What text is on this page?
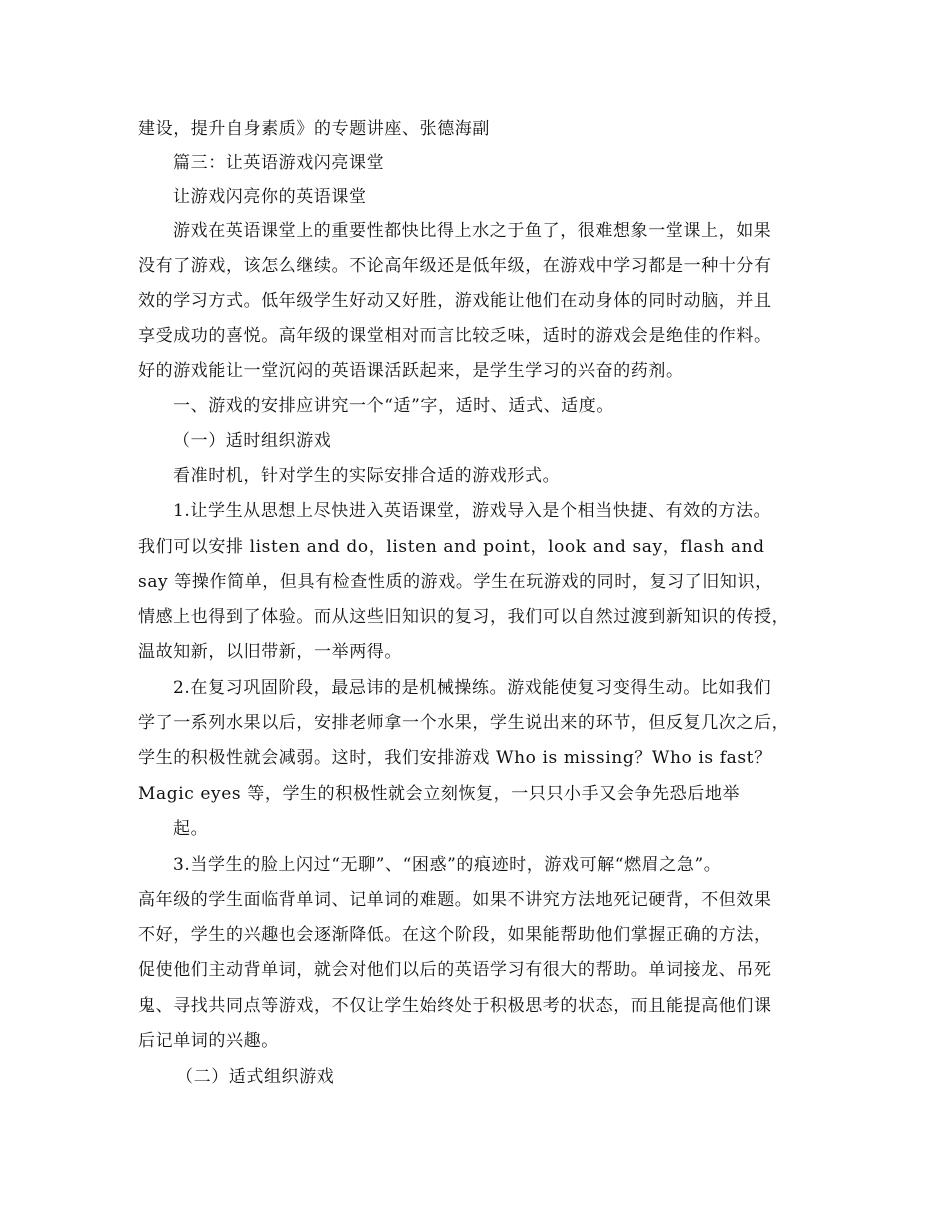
建设，提升自身素质》的专题讲座、张德海副
篇三：让英语游戏闪亮课堂
让游戏闪亮你的英语课堂
游戏在英语课堂上的重要性都快比得上水之于鱼了，很难想象一堂课上，如果
没有了游戏，该怎么继续。不论高年级还是低年级，在游戏中学习都是一种十分有
效的学习方式。低年级学生好动又好胜，游戏能让他们在动身体的同时动脑，并且
享受成功的喜悦。高年级的课堂相对而言比较乏味，适时的游戏会是绝佳的作料。
好的游戏能让一堂沉闷的英语课活跃起来，是学生学习的兴奋的药剂。
一、游戏的安排应讲究一个“适”字，适时、适式、适度。
（一）适时组织游戏
看准时机，针对学生的实际安排合适的游戏形式。
1.让学生从思想上尽快进入英语课堂，游戏导入是个相当快捷、有效的方法。
我们可以安排 listen and do，listen and point，look and say，flash and
say 等操作简单，但具有检查性质的游戏。学生在玩游戏的同时，复习了旧知识，
情感上也得到了体验。而从这些旧知识的复习，我们可以自然过渡到新知识的传授，
温故知新，以旧带新，一举两得。
2.在复习巩固阶段，最忌讳的是机械操练。游戏能使复习变得生动。比如我们
学了一系列水果以后，安排老师拿一个水果，学生说出来的环节，但反复几次之后，
学生的积极性就会减弱。这时，我们安排游戏 Who is missing？Who is fast？
Magic eyes 等，学生的积极性就会立刻恢复，一只只小手又会争先恐后地举
起。
3.当学生的脸上闪过“无聊”、“困惑”的痕迹时，游戏可解“燃眉之急”。
高年级的学生面临背单词、记单词的难题。如果不讲究方法地死记硬背，不但效果
不好，学生的兴趣也会逐渐降低。在这个阶段，如果能帮助他们掌握正确的方法，
促使他们主动背单词，就会对他们以后的英语学习有很大的帮助。单词接龙、吊死
鬼、寻找共同点等游戏，不仅让学生始终处于积极思考的状态，而且能提高他们课
后记单词的兴趣。
（二）适式组织游戏
